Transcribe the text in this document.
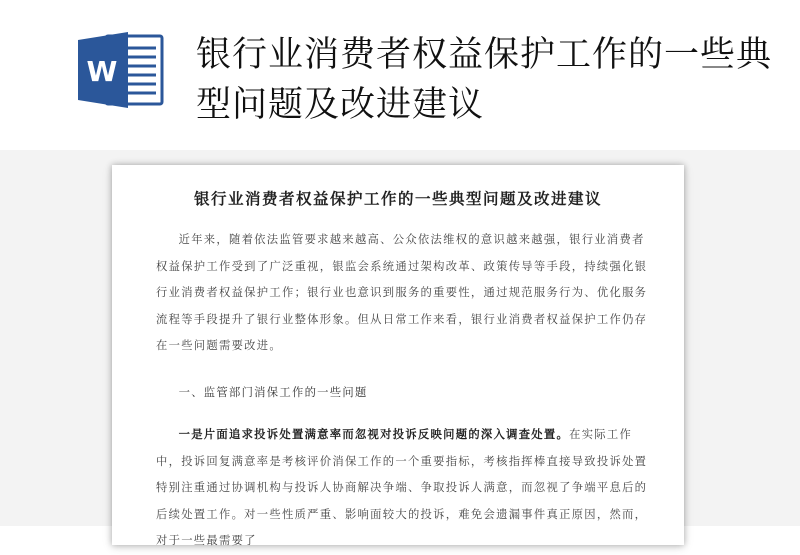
W 银行业消费者权益保护工作的一些典型问题及改进建议
银行业消费者权益保护工作的一些典型问题及改进建议

近年来，随着依法监管要求越来越高、公众依法维权的意识越来越强，银行业消费者权益保护工作受到了广泛重视，银监会系统通过架构改革、政策传导等手段，持续强化银行业消费者权益保护工作；银行业也意识到服务的重要性，通过规范服务行为、优化服务流程等手段提升了银行业整体形象。但从日常工作来看，银行业消费者权益保护工作仍存在一些问题需要改进。

一、监管部门消保工作的一些问题

一是片面追求投诉处置满意率而忽视对投诉反映问题的深入调查处置。在实际工作中，投诉回复满意率是考核评价消保工作的一个重要指标，考核指挥棒直接导致投诉处置特别注重通过协调机构与投诉人协商解决争端、争取投诉人满意，而忽视了争端平息后的后续处置工作。对一些性质严重、影响面较大的投诉，难免会遗漏事件真正原因，然而，对于一些最需要了
